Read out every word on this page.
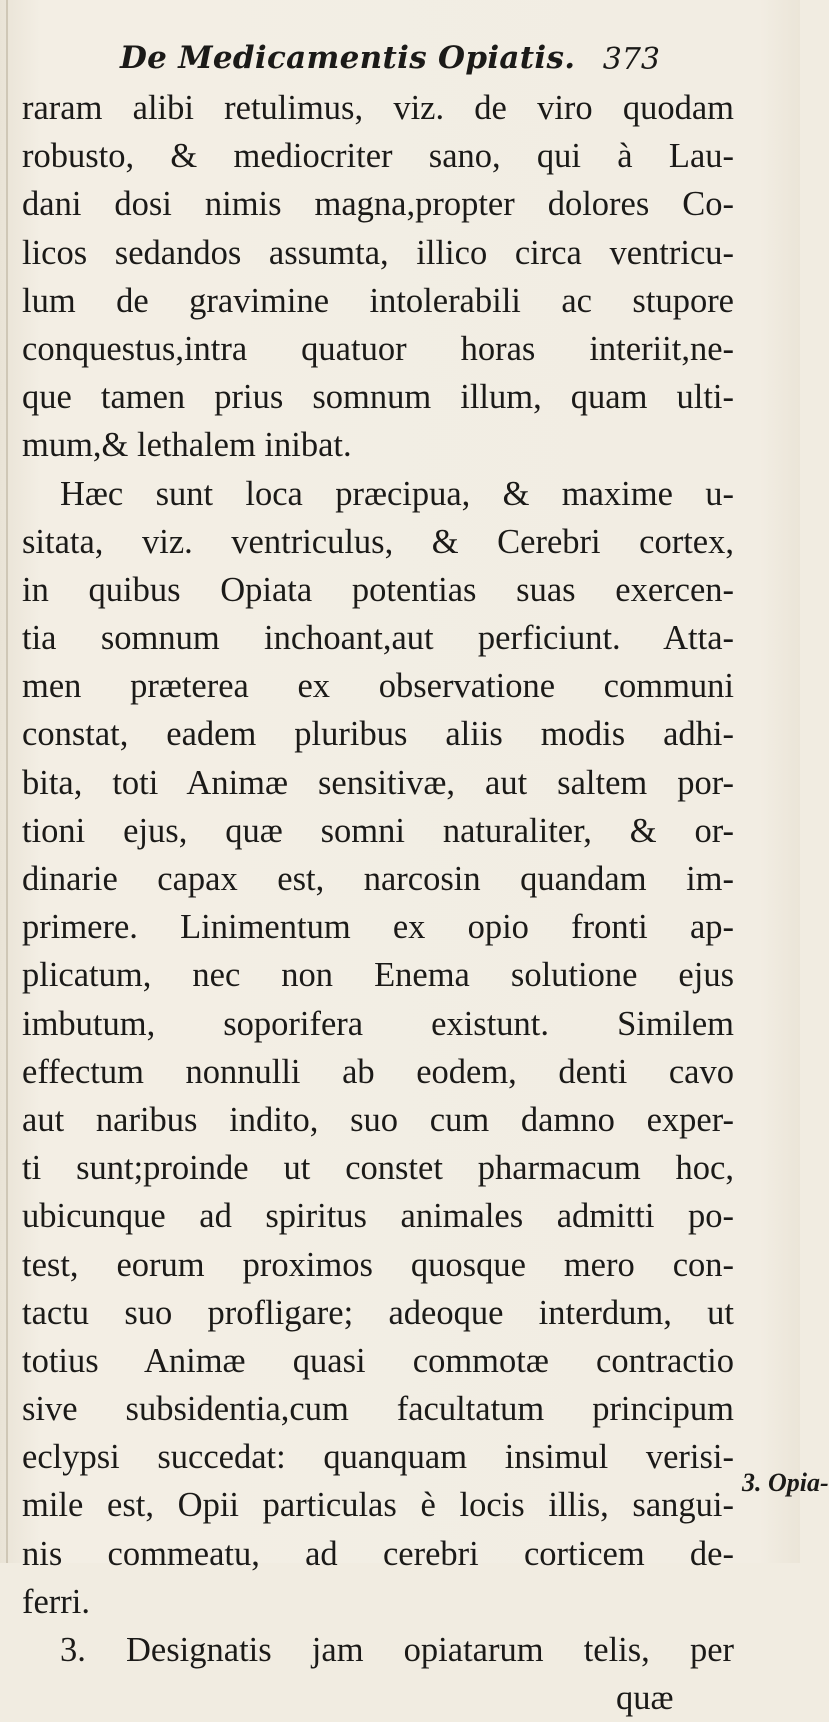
De Medicamentis Opiatis. 373
raram alibi retulimus, viz. de viro quodam
robusto, & mediocriter sano, qui à Lau-
dani dosi nimis magna,propter dolores Co-
licos sedandos assumta, illico circa ventricu-
lum de gravimine intolerabili ac stupore
conquestus,intra quatuor horas interiit,ne-
que tamen prius somnum illum, quam ulti-
mum,& lethalem inibat.
Hæc sunt loca præcipua, & maxime u-
sitata, viz. ventriculus, & Cerebri cortex,
in quibus Opiata potentias suas exercen-
tia somnum inchoant,aut perficiunt. Atta-
men præterea ex observatione communi
constat, eadem pluribus aliis modis adhi-
bita, toti Animæ sensitivæ, aut saltem por-
tioni ejus, quæ somni naturaliter, & or-
dinarie capax est, narcosin quandam im-
primere. Linimentum ex opio fronti ap-
plicatum, nec non Enema solutione ejus
imbutum, soporifera existunt. Similem
effectum nonnulli ab eodem, denti cavo
aut naribus indito, suo cum damno exper-
ti sunt;proinde ut constet pharmacum hoc,
ubicunque ad spiritus animales admitti po-
test, eorum proximos quosque mero con-
tactu suo profligare; adeoque interdum, ut
totius Animæ quasi commotæ contractio
sive subsidentia,cum facultatum principum
eclypsi succedat: quanquam insimul verisi-
mile est, Opii particulas è locis illis, sangui-
nis commeatu, ad cerebri corticem de-
ferri.
3. Designatis jam opiatarum telis, per
quæ
3. Opia-
